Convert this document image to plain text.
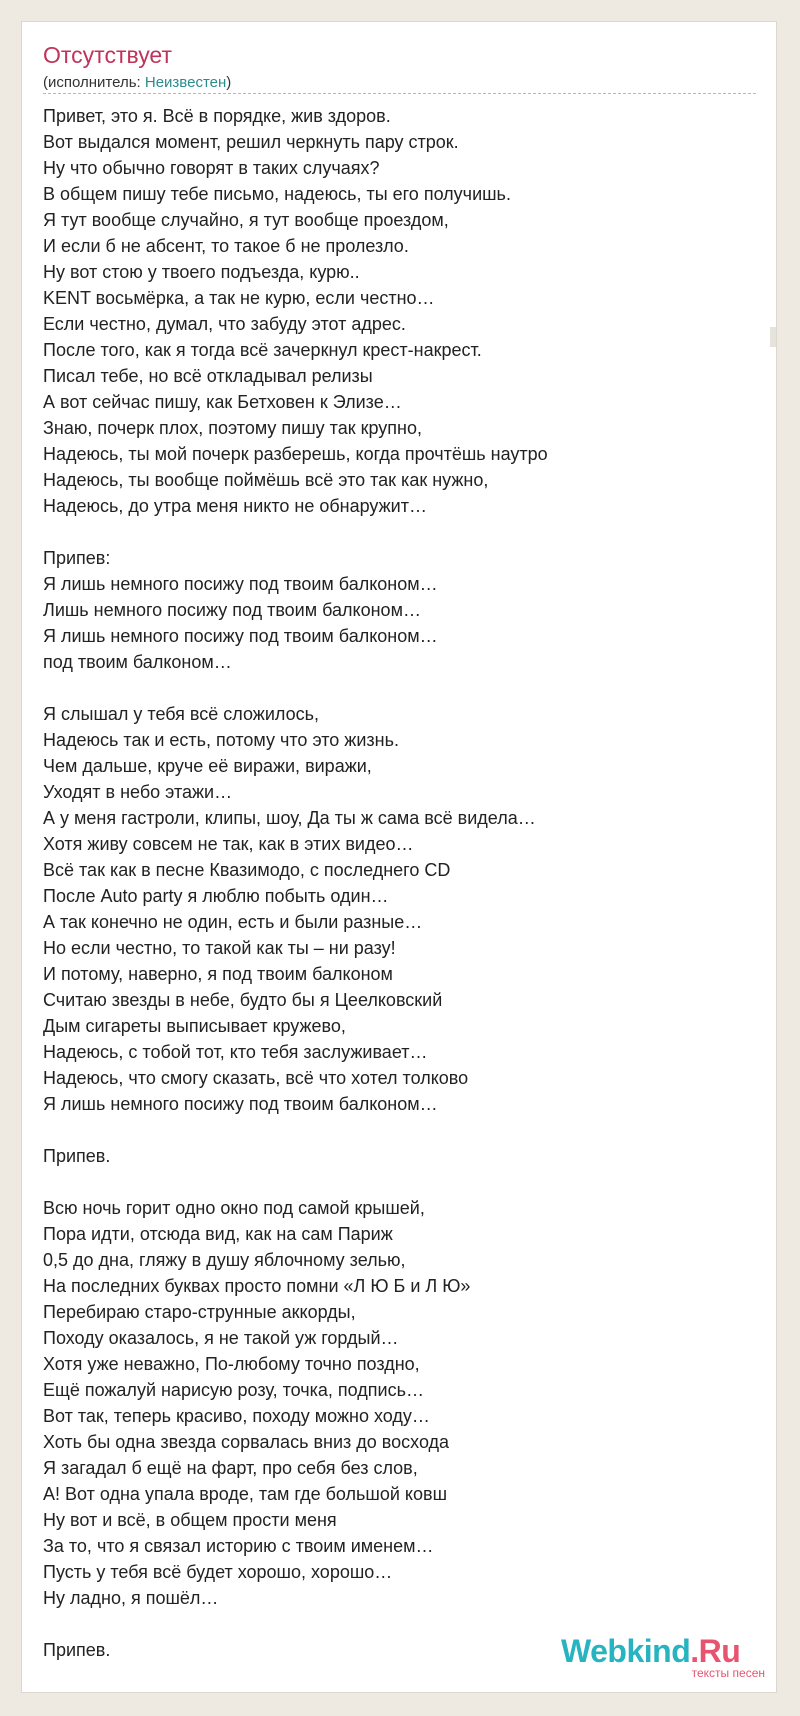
Отсутствует
(исполнитель: Неизвестен)
Привет, это я. Всё в порядке, жив здоров.
Вот выдался момент, решил черкнуть пару строк.
Ну что обычно говорят в таких случаях?
В общем пишу тебе письмо, надеюсь, ты его получишь.
Я тут вообще случайно, я тут вообще проездом,
И если б не абсент, то такое б не пролезло.
Ну вот стою у твоего подъезда, курю..
KENT восьмёрка, а так не курю, если честно…
Если честно, думал, что забуду этот адрес.
После того, как я тогда всё зачеркнул крест-накрест.
Писал тебе, но всё откладывал релизы
А вот сейчас пишу, как Бетховен к Элизе…
Знаю, почерк плох, поэтому пишу так крупно,
Надеюсь, ты мой почерк разберешь, когда прочтёшь наутро
Надеюсь, ты вообще поймёшь всё это так как нужно,
Надеюсь, до утра меня никто не обнаружит…
Припев:
Я лишь немного посижу под твоим балконом…
Лишь немного посижу под твоим балконом…
Я лишь немного посижу под твоим балконом…
под твоим балконом…
Я слышал у тебя всё сложилось,
Надеюсь так и есть, потому что это жизнь.
Чем дальше, круче её виражи, виражи,
Уходят в небо этажи…
А у меня гастроли, клипы, шоу, Да ты ж сама всё видела…
Хотя живу совсем не так, как в этих видео…
Всё так как в песне Квазимодо, с последнего CD
После Auto party я люблю побыть один…
А так конечно не один, есть и были разные…
Но если честно, то такой как ты – ни разу!
И потому, наверно, я под твоим балконом
Считаю звезды в небе, будто бы я Цеелковский
Дым сигареты выписывает кружево,
Надеюсь, с тобой тот, кто тебя заслуживает…
Надеюсь, что смогу сказать, всё что хотел толково
Я лишь немного посижу под твоим балконом…
Припев.
Всю ночь горит одно окно под самой крышей,
Пора идти, отсюда вид, как на сам Париж
0,5 до дна, гляжу в душу яблочному зелью,
На последних буквах просто помни «Л Ю Б и Л Ю»
Перебираю старо-струнные аккорды,
Походу оказалось, я не такой уж гордый…
Хотя уже неважно, По-любому точно поздно,
Ещё пожалуй нарисую розу, точка, подпись…
Вот так, теперь красиво, походу можно ходу…
Хоть бы одна звезда сорвалась вниз до восхода
Я загадал б ещё на фарт, про себя без слов,
А! Вот одна упала вроде, там где большой ковш
Ну вот и всё, в общем прости меня
За то, что я связал историю с твоим именем…
Пусть у тебя всё будет хорошо, хорошо…
Ну ладно, я пошёл…
Припев.	Webkind.Ru
тексты песен
